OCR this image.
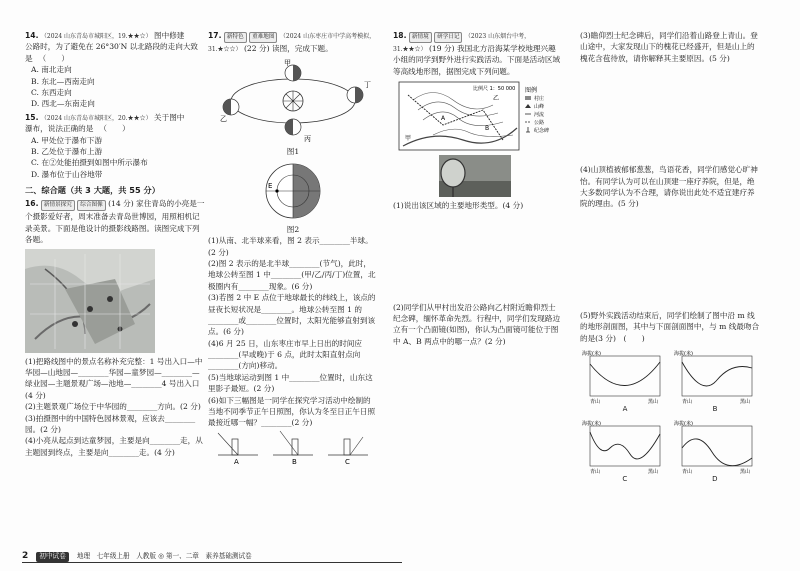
14. （2024 山东青岛市城阳区，19.★★☆） 图中修建

公路时，为了避免在 26°30′N 以北路段的走向大致是 （　　）

A. 南北走向

B. 东北—西南走向

C. 东西走向

D. 西北—东南走向

15. （2024 山东青岛市城阳区，20.★★☆） 关于图中

瀑布，说法正确的是 （　　）

A. 甲处位于瀑布下游

B. 乙处位于瀑布上游

C. 在②处能拍摄到如图中所示瀑布

D. 瀑布位于山谷地带

二、综合题（共 3 大题，共 55 分）

16. 新情景探究 综合图像 (14 分) 家住青岛的小亮是一个摄影爱好者，周末准备去青岛世博园，用照相机记录美景。下面是他设计的摄影线路图。读图完成下列各题。

(1)把路线图中的景点名称补充完整：1 号出入口—中华园—山地园—________华园—童梦园—________—绿业园—主题景观广场—池地—________4 号出入口(4 分)

(2)主题景观广场位于中华园的________方向。(2 分)

(3)拍摄图中的中国特色园林景观，应该去________园。(2 分)

(4)小亮从起点到达童梦园，主要是向________走，从主题园到终点，主要是向________走。(4 分)

17. 新特色 重难地图 （2024 山东枣庄市中学高考模拟，31.★☆☆） (22 分) 读图，完成下题。

甲
乙
丙
丁

图1

E

图2

(1)从南、北半球来看，图 2 表示________半球。(2 分)

(2)图 2 表示的是北半球________(节气)，此时，地球公转至图 1 中________(甲/乙/丙/丁)位置，北极圈内有________现象。(6 分)

(3)若图 2 中 E 点位于地球最长的纬线上，该点的昼夜长短状况是________。地球公转至图 1 的________或________位置时，太阳光能够直射到该点。(6 分)

(4)6 月 25 日，山东枣庄市早上日出的时间应________(早或晚)于 6 点，此时太阳直射点向________(方向)移动。

(5)当地球运动到图 1 中________位置时，山东这里影子最短。(2 分)

(6)如下三幅图是一同学在探究学习活动中绘制的当地不同季节正午日照图，你认为冬至日正午日照最接近哪一幅？________(2 分)

A	B	C

18. 新情境 研学日记 （2023 山东烟台中考，31.★★☆） (19 分) 我国北方沿海某学校地理兴趣小组的同学到野外进行实践活动。下面是活动区域等高线地形图，据图完成下列问题。

比例尺 1：50 000
甲
乙
A
B
图例
村庄
山峰
河流
公路
纪念碑

(1)说出该区域的主要地形类型。(4 分)

(2)同学们从甲村出发沿公路向乙村附近瞻仰烈士纪念碑，缅怀革命先烈。行程中，同学们发现路边立有一个凸面镜(如图)，你认为凸面镜可能位于图中 A、B 两点中的哪一点？(2 分)

(3)瞻仰烈士纪念碑后，同学们沿着山路登上青山。登山途中，大家发现山下的槐花已经盛开，但是山上的槐花含苞待放，请你解释其主要原因。(5 分)

(4)山顶植被郁郁葱葱，鸟语花香，同学们感觉心旷神怡。有同学认为可以在山顶建一座疗养院，但是，绝大多数同学认为不合理，请你说出此处不适宜建疗养院的理由。(5 分)

(5)野外实践活动结束后，同学们绘制了图中沿 m 线的地形剖面图，其中与下面剖面图中，与 m 线最吻合的是(3 分)　(　　)

海拔(米)
青山	黑山
海拔(米)
青山	黑山
A	B
海拔(米)
青山	黑山
海拔(米)
青山	黑山
C	D
2 初中试卷 地理　七年级上册　人教版 ◎ 第一、二章　素养基础测试卷
